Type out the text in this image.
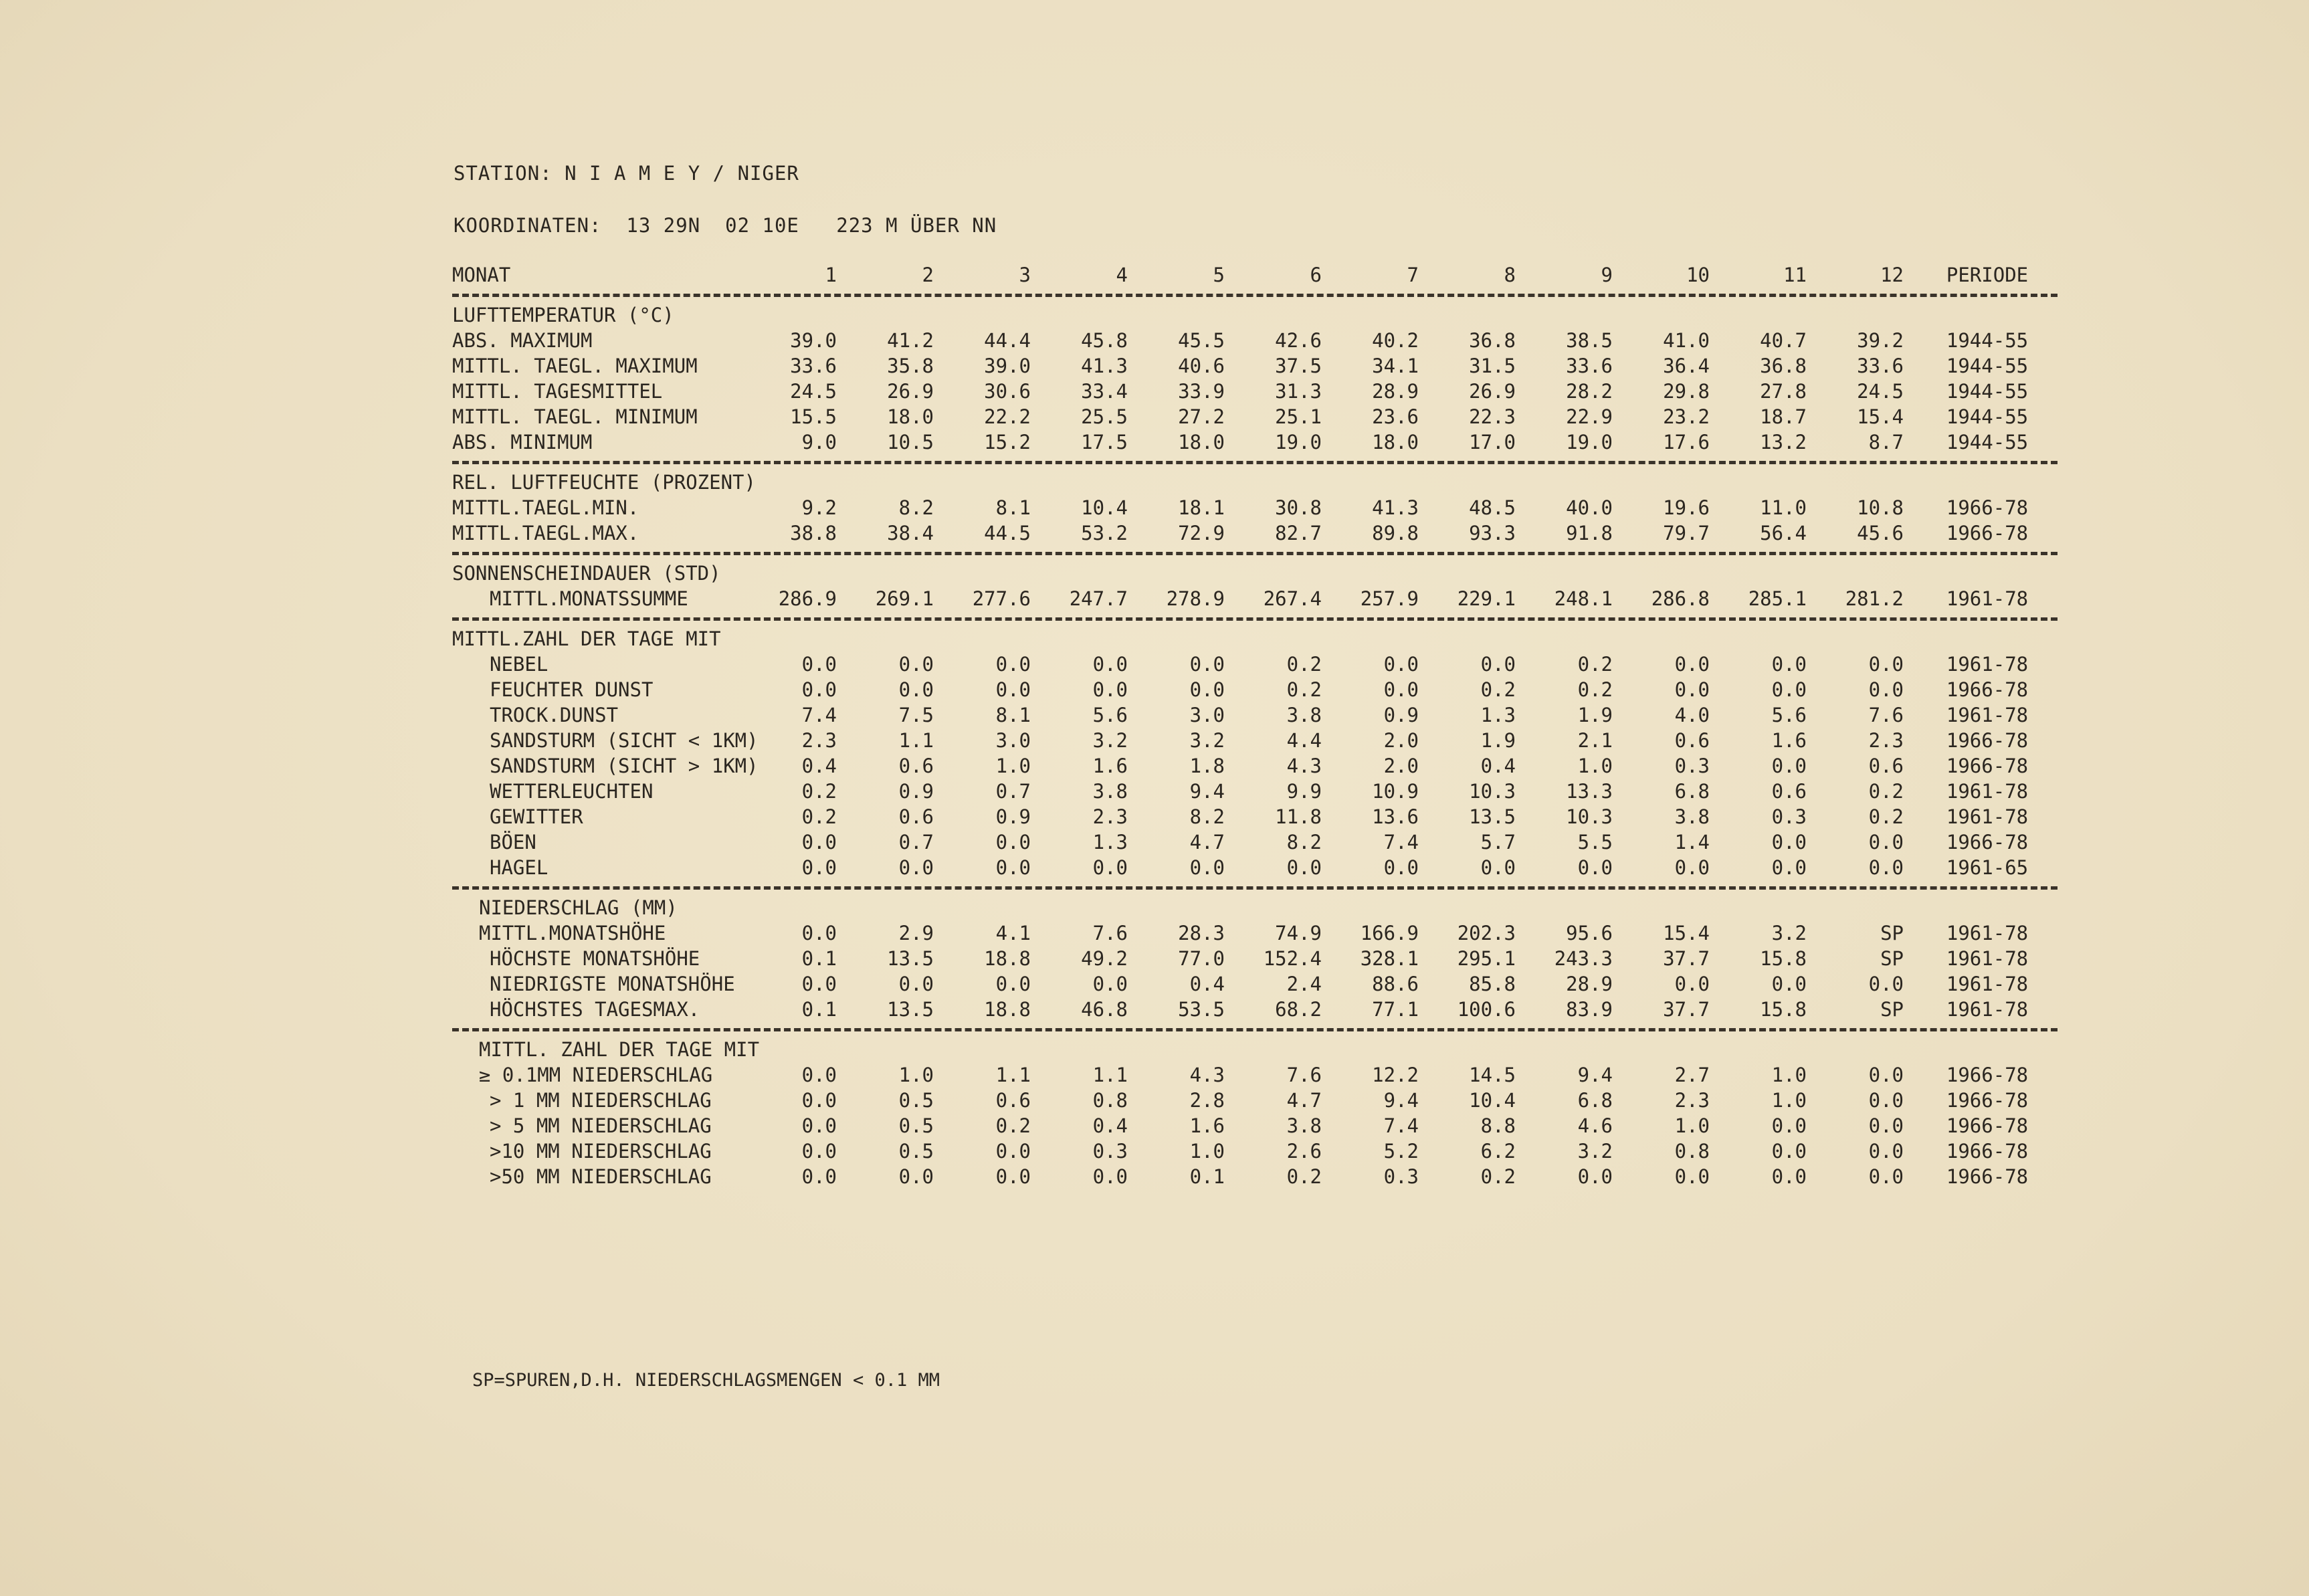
STATION: N I A M E Y / NIGER
KOORDINATEN:  13 29N  02 10E   223 M ÜBER NN
MONAT	1	2	3	4	5	6	7	8	9	10	11	12	PERIODE

LUFTTEMPERATUR (°C)													
ABS. MAXIMUM	39.0	41.2	44.4	45.8	45.5	42.6	40.2	36.8	38.5	41.0	40.7	39.2	1944-55
MITTL. TAEGL. MAXIMUM	33.6	35.8	39.0	41.3	40.6	37.5	34.1	31.5	33.6	36.4	36.8	33.6	1944-55
MITTL. TAGESMITTEL	24.5	26.9	30.6	33.4	33.9	31.3	28.9	26.9	28.2	29.8	27.8	24.5	1944-55
MITTL. TAEGL. MINIMUM	15.5	18.0	22.2	25.5	27.2	25.1	23.6	22.3	22.9	23.2	18.7	15.4	1944-55
ABS. MINIMUM	9.0	10.5	15.2	17.5	18.0	19.0	18.0	17.0	19.0	17.6	13.2	8.7	1944-55

REL. LUFTFEUCHTE (PROZENT)													
MITTL.TAEGL.MIN.	9.2	8.2	8.1	10.4	18.1	30.8	41.3	48.5	40.0	19.6	11.0	10.8	1966-78
MITTL.TAEGL.MAX.	38.8	38.4	44.5	53.2	72.9	82.7	89.8	93.3	91.8	79.7	56.4	45.6	1966-78

SONNENSCHEINDAUER (STD)													
MITTL.MONATSSUMME	286.9	269.1	277.6	247.7	278.9	267.4	257.9	229.1	248.1	286.8	285.1	281.2	1961-78

MITTL.ZAHL DER TAGE MIT													
NEBEL	0.0	0.0	0.0	0.0	0.0	0.2	0.0	0.0	0.2	0.0	0.0	0.0	1961-78
FEUCHTER DUNST	0.0	0.0	0.0	0.0	0.0	0.2	0.0	0.2	0.2	0.0	0.0	0.0	1966-78
TROCK.DUNST	7.4	7.5	8.1	5.6	3.0	3.8	0.9	1.3	1.9	4.0	5.6	7.6	1961-78
SANDSTURM (SICHT < 1KM)	2.3	1.1	3.0	3.2	3.2	4.4	2.0	1.9	2.1	0.6	1.6	2.3	1966-78
SANDSTURM (SICHT > 1KM)	0.4	0.6	1.0	1.6	1.8	4.3	2.0	0.4	1.0	0.3	0.0	0.6	1966-78
WETTERLEUCHTEN	0.2	0.9	0.7	3.8	9.4	9.9	10.9	10.3	13.3	6.8	0.6	0.2	1961-78
GEWITTER	0.2	0.6	0.9	2.3	8.2	11.8	13.6	13.5	10.3	3.8	0.3	0.2	1961-78
BÖEN	0.0	0.7	0.0	1.3	4.7	8.2	7.4	5.7	5.5	1.4	0.0	0.0	1966-78
HAGEL	0.0	0.0	0.0	0.0	0.0	0.0	0.0	0.0	0.0	0.0	0.0	0.0	1961-65

NIEDERSCHLAG (MM)													
MITTL.MONATSHÖHE	0.0	2.9	4.1	7.6	28.3	74.9	166.9	202.3	95.6	15.4	3.2	SP	1961-78
HÖCHSTE MONATSHÖHE	0.1	13.5	18.8	49.2	77.0	152.4	328.1	295.1	243.3	37.7	15.8	SP	1961-78
NIEDRIGSTE MONATSHÖHE	0.0	0.0	0.0	0.0	0.4	2.4	88.6	85.8	28.9	0.0	0.0	0.0	1961-78
HÖCHSTES TAGESMAX.	0.1	13.5	18.8	46.8	53.5	68.2	77.1	100.6	83.9	37.7	15.8	SP	1961-78

MITTL. ZAHL DER TAGE MIT													
≥ 0.1MM NIEDERSCHLAG	0.0	1.0	1.1	1.1	4.3	7.6	12.2	14.5	9.4	2.7	1.0	0.0	1966-78
> 1 MM NIEDERSCHLAG	0.0	0.5	0.6	0.8	2.8	4.7	9.4	10.4	6.8	2.3	1.0	0.0	1966-78
> 5 MM NIEDERSCHLAG	0.0	0.5	0.2	0.4	1.6	3.8	7.4	8.8	4.6	1.0	0.0	0.0	1966-78
>10 MM NIEDERSCHLAG	0.0	0.5	0.0	0.3	1.0	2.6	5.2	6.2	3.2	0.8	0.0	0.0	1966-78
>50 MM NIEDERSCHLAG	0.0	0.0	0.0	0.0	0.1	0.2	0.3	0.2	0.0	0.0	0.0	0.0	1966-78

SP=SPUREN,D.H. NIEDERSCHLAGSMENGEN < 0.1 MM
